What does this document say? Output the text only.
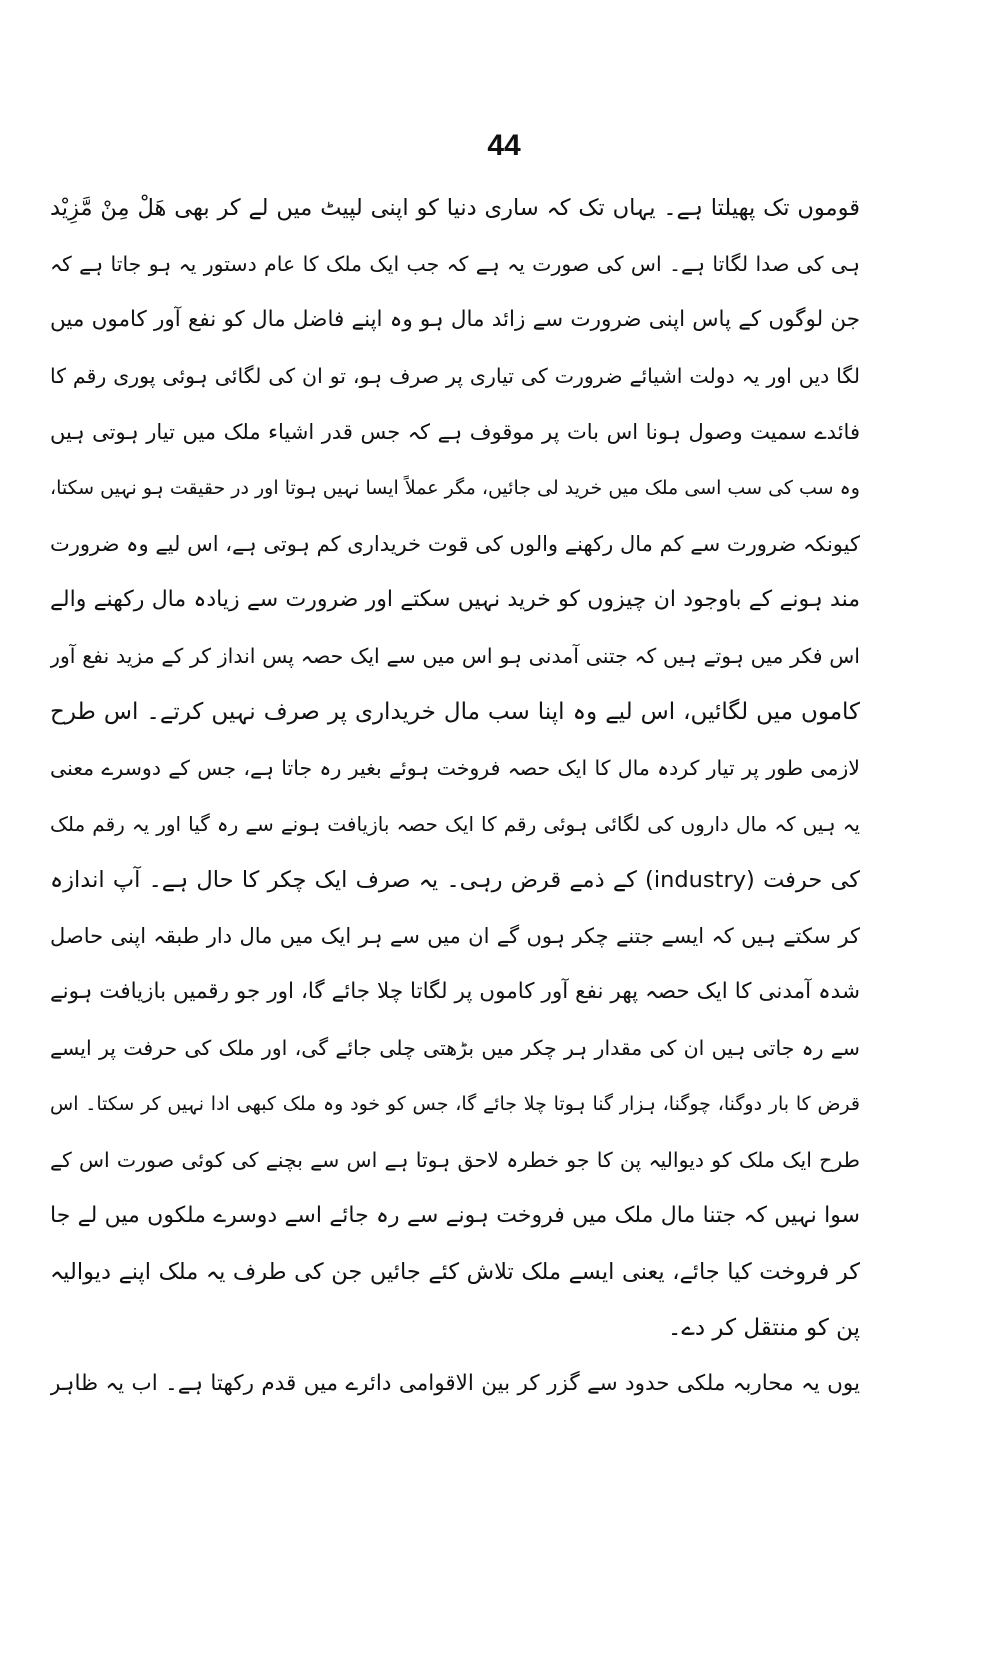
44
قوموں تک پھیلتا ہے۔ یہاں تک کہ ساری دنیا کو اپنی لپیٹ میں لے کر بھی هَلْ مِنْ مَّزِيْد
ہی کی صدا لگاتا ہے۔ اس کی صورت یہ ہے کہ جب ایک ملک کا عام دستور یہ ہو جاتا ہے کہ
جن لوگوں کے پاس اپنی ضرورت سے زائد مال ہو وہ اپنے فاضل مال کو نفع آور کاموں میں
لگا دیں اور یہ دولت اشیائے ضرورت کی تیاری پر صرف ہو، تو ان کی لگائی ہوئی پوری رقم کا
فائدے سمیت وصول ہونا اس بات پر موقوف ہے کہ جس قدر اشیاء ملک میں تیار ہوتی ہیں
وہ سب کی سب اسی ملک میں خرید لی جائیں، مگر عملاً ایسا نہیں ہوتا اور در حقیقت ہو نہیں سکتا،
کیونکہ ضرورت سے کم مال رکھنے والوں کی قوت خریداری کم ہوتی ہے، اس لیے وہ ضرورت
مند ہونے کے باوجود ان چیزوں کو خرید نہیں سکتے اور ضرورت سے زیادہ مال رکھنے والے
اس فکر میں ہوتے ہیں کہ جتنی آمدنی ہو اس میں سے ایک حصہ پس انداز کر کے مزید نفع آور
کاموں میں لگائیں، اس لیے وہ اپنا سب مال خریداری پر صرف نہیں کرتے۔ اس طرح
لازمی طور پر تیار کردہ مال کا ایک حصہ فروخت ہوئے بغیر رہ جاتا ہے، جس کے دوسرے معنی
یہ ہیں کہ مال داروں کی لگائی ہوئی رقم کا ایک حصہ بازیافت ہونے سے رہ گیا اور یہ رقم ملک
کی حرفت (industry) کے ذمے قرض رہی۔ یہ صرف ایک چکر کا حال ہے۔ آپ اندازہ
کر سکتے ہیں کہ ایسے جتنے چکر ہوں گے ان میں سے ہر ایک میں مال دار طبقہ اپنی حاصل
شدہ آمدنی کا ایک حصہ پھر نفع آور کاموں پر لگاتا چلا جائے گا، اور جو رقمیں بازیافت ہونے
سے رہ جاتی ہیں ان کی مقدار ہر چکر میں بڑھتی چلی جائے گی، اور ملک کی حرفت پر ایسے
قرض کا بار دوگنا، چوگنا، ہزار گنا ہوتا چلا جائے گا، جس کو خود وہ ملک کبھی ادا نہیں کر سکتا۔ اس
طرح ایک ملک کو دیوالیہ پن کا جو خطرہ لاحق ہوتا ہے اس سے بچنے کی کوئی صورت اس کے
سوا نہیں کہ جتنا مال ملک میں فروخت ہونے سے رہ جائے اسے دوسرے ملکوں میں لے جا
کر فروخت کیا جائے، یعنی ایسے ملک تلاش کئے جائیں جن کی طرف یہ ملک اپنے دیوالیہ
پن کو منتقل کر دے۔
یوں یہ محاربہ ملکی حدود سے گزر کر بین الاقوامی دائرے میں قدم رکھتا ہے۔ اب یہ ظاہر
